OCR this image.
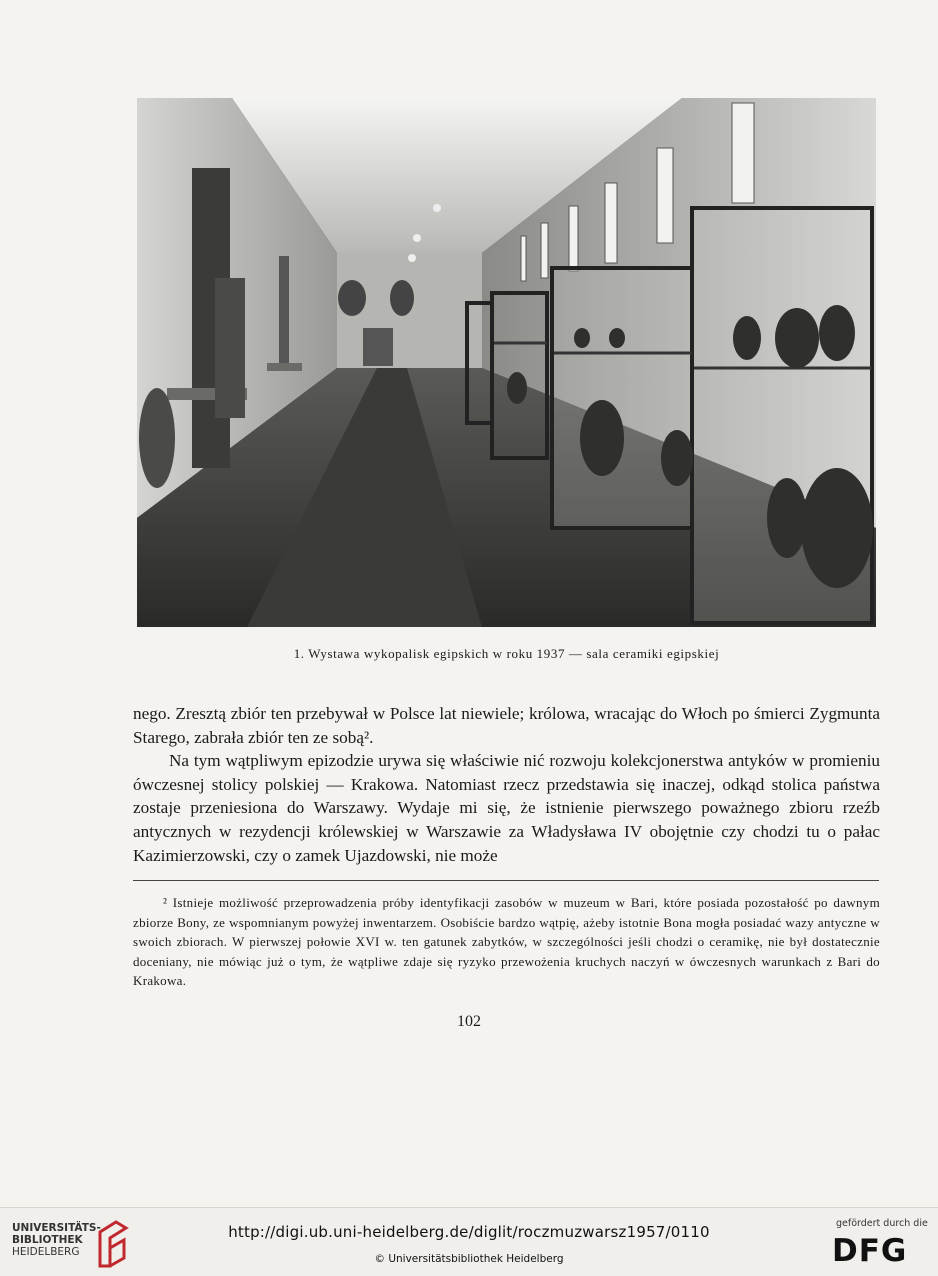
1. Wystawa wykopalisk egipskich w roku 1937 — sala ceramiki egipskiej

nego. Zresztą zbiór ten przebywał w Polsce lat niewiele; królowa, wracając do Włoch po śmierci Zygmunta Starego, zabrała zbiór ten ze sobą².

Na tym wątpliwym epizodzie urywa się właściwie nić rozwoju kolekcjonerstwa antyków w promieniu ówczesnej stolicy polskiej — Krakowa. Natomiast rzecz przedstawia się inaczej, odkąd stolica państwa zostaje przeniesiona do Warszawy. Wydaje mi się, że istnienie pierwszego poważnego zbioru rzeźb antycznych w rezydencji królewskiej w Warszawie za Władysława IV obojętnie czy chodzi tu o pałac Kazimierzowski, czy o zamek Ujazdowski, nie może

² Istnieje możliwość przeprowadzenia próby identyfikacji zasobów w muzeum w Bari, które posiada pozostałość po dawnym zbiorze Bony, ze wspomnianym powyżej inwentarzem. Osobiście bardzo wątpię, ażeby istotnie Bona mogła posiadać wazy antyczne w swoich zbiorach. W pierwszej połowie XVI w. ten gatunek zabytków, w szczególności jeśli chodzi o ceramikę, nie był dostatecznie doceniany, nie mówiąc już o tym, że wątpliwe zdaje się ryzyko przewożenia kruchych naczyń w ówczesnych warunkach z Bari do Krakowa.
102
UNIVERSITÄTS-
BIBLIOTHEK
HEIDELBERG
http://digi.ub.uni-heidelberg.de/diglit/roczmuzwarsz1957/0110
© Universitätsbibliothek Heidelberg
gefördert durch die
DFG
